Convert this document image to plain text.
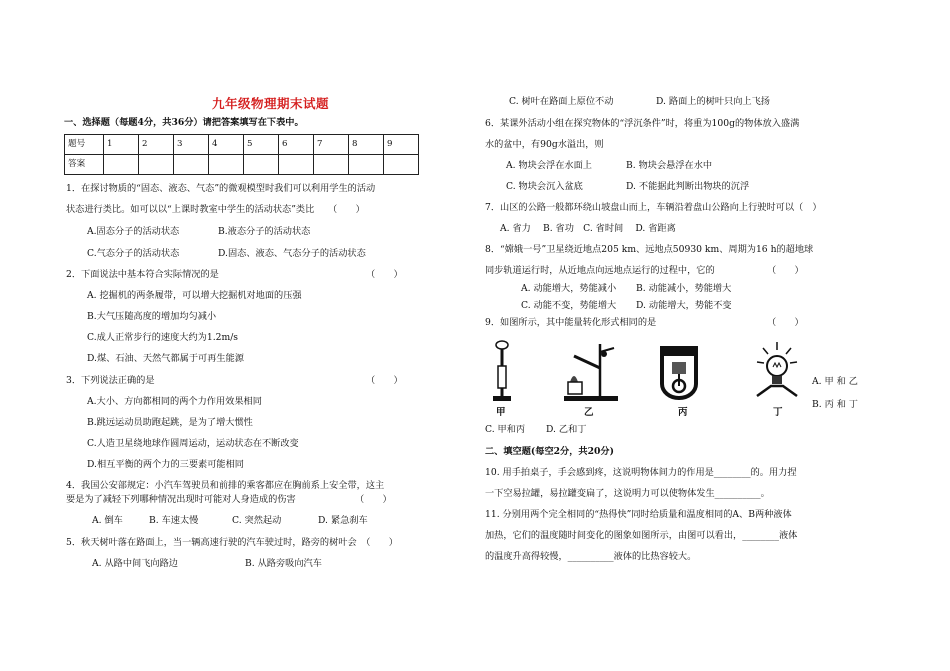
九年级物理期末试题
一、选择题（每题4分，共36分）请把答案填写在下表中。
题号	1	2	3	4	5	6	7	8	9
答案									
1．在探讨物质的“固态、液态、气态”的微观模型时我们可以利用学生的活动
状态进行类比。如可以以“上课时教室中学生的活动状态”类比　　（　　）
A.固态分子的活动状态	B.液态分子的活动状态
C.气态分子的活动状态	D.固态、液态、气态分子的活动状态
2．下面说法中基本符合实际情况的是	（　　）
A. 挖掘机的两条履带，可以增大挖掘机对地面的压强
B.大气压随高度的增加均匀减小
C.成人正常步行的速度大约为1.2m/s
D.煤、石油、天然气都属于可再生能源
3．下列说法正确的是	（　　）
A.大小、方向都相同的两个力作用效果相同
B.跳远运动员助跑起跳，是为了增大惯性
C.人造卫星绕地球作圆周运动，运动状态在不断改变
D.相互平衡的两个力的三要素可能相同
4．我国公安部规定：小汽车驾驶员和前排的乘客都应在胸前系上安全带，这主
要是为了减轻下列哪种情况出现时可能对人身造成的伤害	（　　）
A. 倒车	B. 车速太慢	C. 突然起动	D. 紧急刹车
5．秋天树叶落在路面上，当一辆高速行驶的汽车驶过时，路旁的树叶会　（　　）
A. 从路中间飞向路边	B. 从路旁吸向汽车
C. 树叶在路面上原位不动	D. 路面上的树叶只向上飞扬
6．某课外活动小组在探究物体的“浮沉条件”时，将重为100g的物体放入盛满
水的盆中，有90g水溢出，则
A. 物块会浮在水面上	B. 物块会悬浮在水中
C. 物块会沉入盆底	D. 不能据此判断出物块的沉浮
7．山区的公路一般都环绕山坡盘山而上，车辆沿着盘山公路向上行驶时可以（　）
A. 省力　 B. 省功　C. 省时间　 D. 省距离
8．“嫦娥一号”卫星绕近地点205 km、远地点50930 km、周期为16 h的超地球
同步轨道运行时，从近地点向远地点运行的过程中，它的	（　　）
A. 动能增大，势能减小 B. 动能减小，势能增大
C. 动能不变，势能增大 D. 动能增大，势能不变
9．如图所示，其中能量转化形式相同的是	（　　）
甲	乙	丙	丁
A. 甲 和 乙
B. 丙 和 丁
C. 甲和丙 D. 乙和丁
二、填空题(每空2分，共20分)
10. 用手拍桌子，手会感到疼，这说明物体间力的作用是________的。用力捏
一下空易拉罐，易拉罐变扁了，这说明力可以使物体发生__________。
11. 分别用两个完全相同的“热得快”同时给质量和温度相同的A、B两种液体
加热，它们的温度随时间变化的图象如图所示，由图可以看出，________液体
的温度升高得较慢，__________液体的比热容较大。
